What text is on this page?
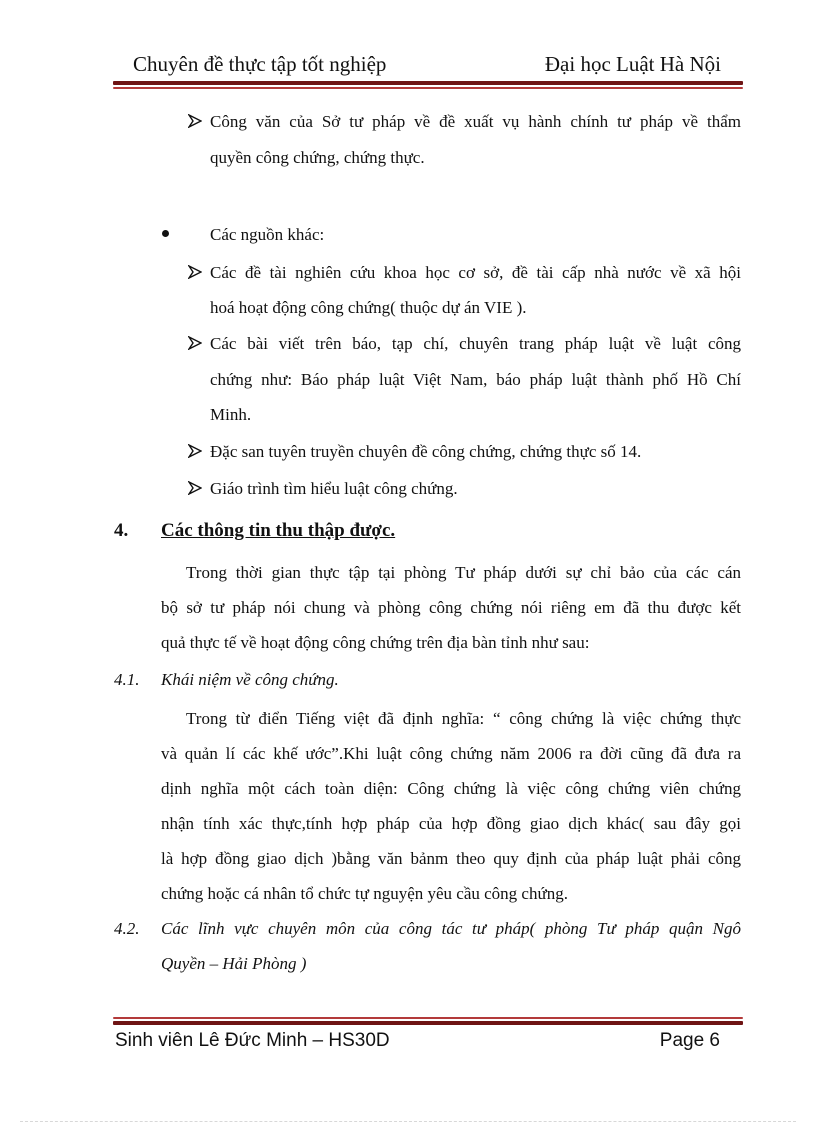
Chuyên đề thực tập tốt nghiệp	Đại học Luật Hà Nội
Công văn của Sở tư pháp về đề xuất vụ hành chính tư pháp về thẩm
quyền công chứng, chứng thực.
Các nguồn khác:
Các đề tài nghiên cứu khoa học cơ sở, đề tài cấp nhà nước về xã hội
hoá hoạt động công chứng( thuộc dự án VIE ).
Các bài viết trên báo, tạp chí, chuyên trang pháp luật về luật công
chứng như: Báo pháp luật Việt Nam, báo pháp luật thành phố Hồ Chí
Minh.
Đặc san tuyên truyền chuyên đề công chứng, chứng thực số 14.
Giáo trình tìm hiểu luật công chứng.
4. Các thông tin thu thập được.
Trong thời gian thực tập tại phòng Tư pháp dưới sự chỉ bảo của các cán
bộ sở tư pháp nói chung và phòng công chứng nói riêng em đã thu được kết
quả thực tế về hoạt động công chứng trên địa bàn tỉnh như sau:
4.1. Khái niệm về công chứng.
Trong từ điển Tiếng việt đã định nghĩa: “ công chứng là việc chứng thực
và quản lí các khế ước”.Khi luật công chứng năm 2006 ra đời cũng đã đưa ra
dịnh nghĩa một cách toàn diện: Công chứng là việc công chứng viên chứng
nhận tính xác thực,tính hợp pháp của hợp đồng giao dịch khác( sau đây gọi
là hợp đồng giao dịch )bằng văn bảnm theo quy định của pháp luật phải công
chứng hoặc cá nhân tổ chức tự nguyện yêu cầu công chứng.
4.2. Các lĩnh vực chuyên môn của công tác tư pháp( phòng Tư pháp quận Ngô
Quyền – Hải Phòng )
Sinh viên Lê Đức Minh – HS30D	Page 6
